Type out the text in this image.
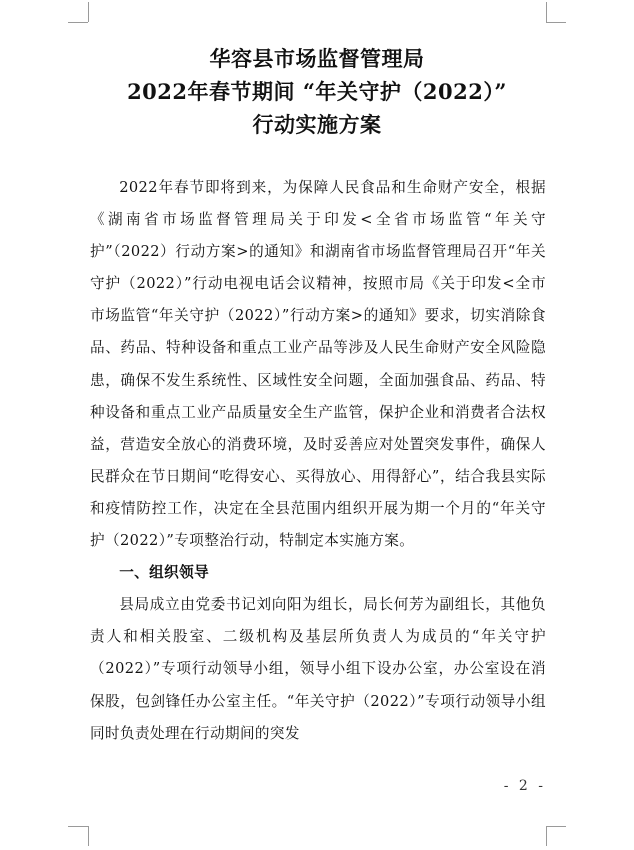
华容县市场监督管理局
2022年春节期间 “年关守护（2022）”
行动实施方案

2022年春节即将到来，为保障人民食品和生命财产安全，根据《湖南省市场监督管理局关于印发<全省市场监管“年关守护”（2022）行动方案>的通知》和湖南省市场监督管理局召开“年关守护（2022）”行动电视电话会议精神，按照市局《关于印发<全市市场监管“年关守护（2022）”行动方案>的通知》要求，切实消除食品、药品、特种设备和重点工业产品等涉及人民生命财产安全风险隐患，确保不发生系统性、区域性安全问题，全面加强食品、药品、特种设备和重点工业产品质量安全生产监管，保护企业和消费者合法权益，营造安全放心的消费环境，及时妥善应对处置突发事件，确保人民群众在节日期间“吃得安心、买得放心、用得舒心”，结合我县实际和疫情防控工作，决定在全县范围内组织开展为期一个月的“年关守护（2022）”专项整治行动，特制定本实施方案。

一、组织领导

县局成立由党委书记刘向阳为组长，局长何芳为副组长，其他负责人和相关股室、二级机构及基层所负责人为成员的“年关守护（2022）”专项行动领导小组，领导小组下设办公室，办公室设在消保股，包剑锋任办公室主任。“年关守护（2022）”专项行动领导小组同时负责处理在行动期间的突发

- 2 -
